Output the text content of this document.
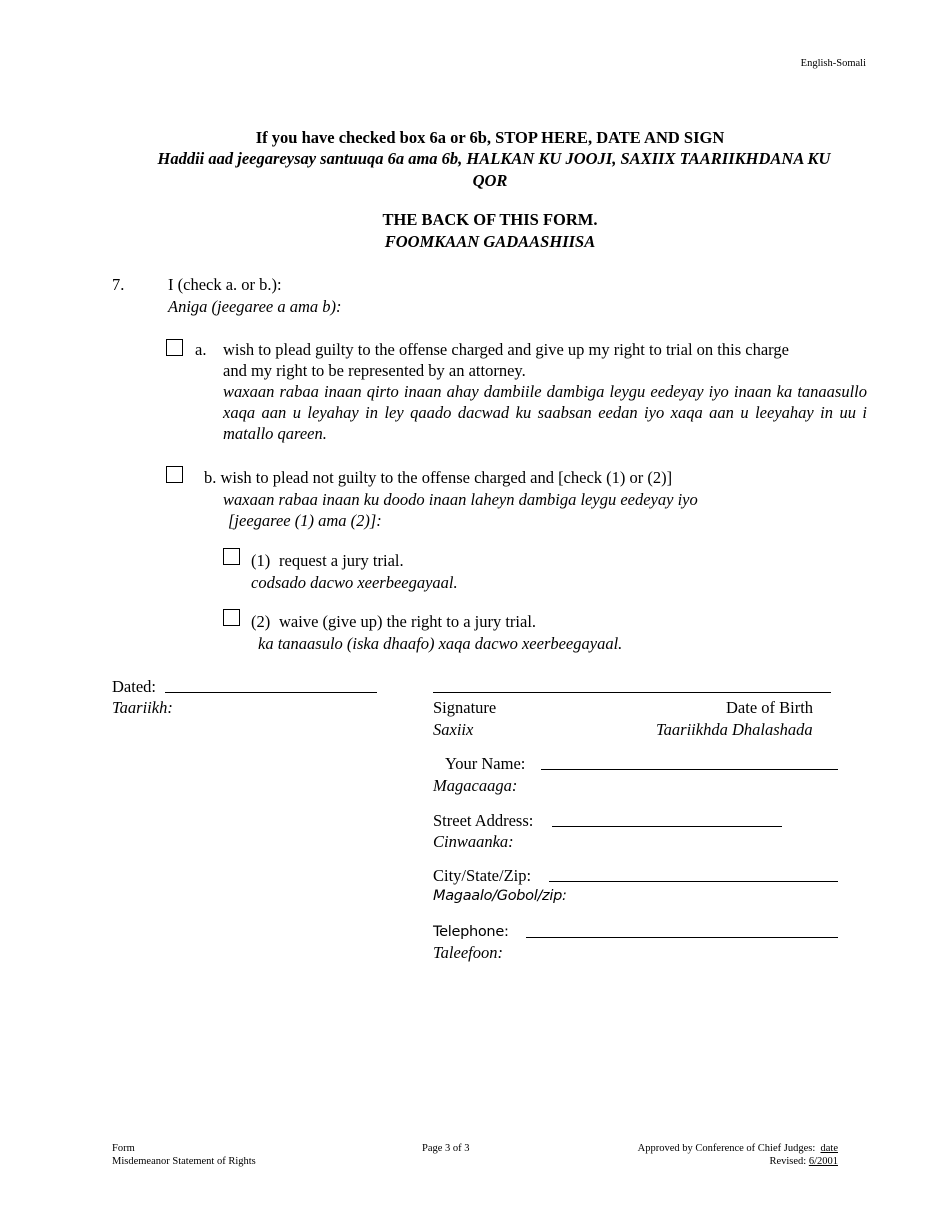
English-Somali
If you have checked box 6a or 6b, STOP HERE, DATE AND SIGN
Haddii aad jeegareysay santuuqa 6a ama 6b, HALKAN KU JOOJI, SAXIIX TAARIIKHDANA KU
QOR
THE BACK OF THIS FORM.
FOOMKAAN GADAASHIISA
7.	I (check a. or b.):
Aniga (jeegaree a ama b):
a. wish to plead guilty to the offense charged and give up my right to trial on this charge
and my right to be represented by an attorney.
waxaan rabaa inaan qirto inaan ahay dambiile dambiga leygu eedeyay iyo inaan ka tanaasullo xaqa aan u leyahay in ley qaado dacwad ku saabsan eedan iyo xaqa aan u leeyahay in uu i matallo qareen.
b. wish to plead not guilty to the offense charged and [check (1) or (2)]
waxaan rabaa inaan ku doodo inaan laheyn dambiga leygu eedeyay iyo
[jeegaree (1) ama (2)]:
(1) request a jury trial.
codsado dacwo xeerbeegayaal.
(2) waive (give up) the right to a jury trial.
ka tanaasulo (iska dhaafo) xaqa dacwo xeerbeegayaal.
Dated:
Taariikh:	Signature	Date of Birth
Saxiix	Taariikhda Dhalashada
Your Name:
Magacaaga:
Street Address:
Cinwaanka:
City/State/Zip:
Magaalo/Gobol/zip:
Telephone:
Taleefoon:
Form
Misdemeanor Statement of Rights
Page 3 of 3	Approved by Conference of Chief Judges: date
Revised: 6/2001
